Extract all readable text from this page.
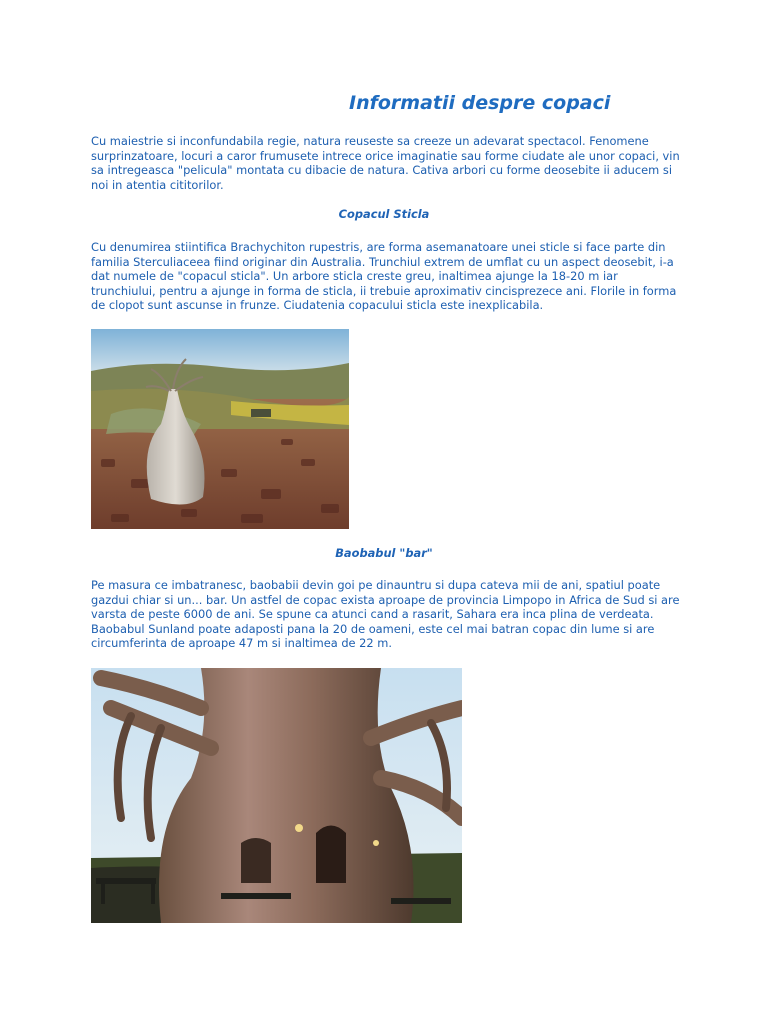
Informatii despre copaci

Cu maiestrie si inconfundabila regie, natura reuseste sa creeze un adevarat spectacol. Fenomene surprinzatoare, locuri a caror frumusete intrece orice imaginatie sau forme ciudate ale unor copaci, vin sa intregeasca "pelicula" montata cu dibacie de natura. Cativa arbori cu forme deosebite ii aducem si noi in atentia cititorilor.

Copacul Sticla

Cu denumirea stiintifica Brachychiton rupestris, are forma asemanatoare unei sticle si face parte din familia Sterculiaceea fiind originar din Australia. Trunchiul extrem de umflat cu un aspect deosebit, i-a dat numele de "copacul sticla". Un arbore sticla creste greu, inaltimea ajunge la 18-20 m iar trunchiului, pentru a ajunge in forma de sticla, ii trebuie aproximativ cincisprezece ani. Florile in forma de clopot sunt ascunse in frunze. Ciudatenia copacului sticla este inexplicabila.

Baobabul "bar"

Pe masura ce imbatranesc, baobabii devin goi pe dinauntru si dupa cateva mii de ani, spatiul poate gazdui chiar si un... bar. Un astfel de copac exista aproape de provincia Limpopo in Africa de Sud si are varsta de peste 6000 de ani. Se spune ca atunci cand a rasarit, Sahara era inca plina de verdeata. Baobabul Sunland poate adaposti pana la 20 de oameni, este cel mai batran copac din lume si are circumferinta de aproape 47 m si inaltimea de 22 m.
